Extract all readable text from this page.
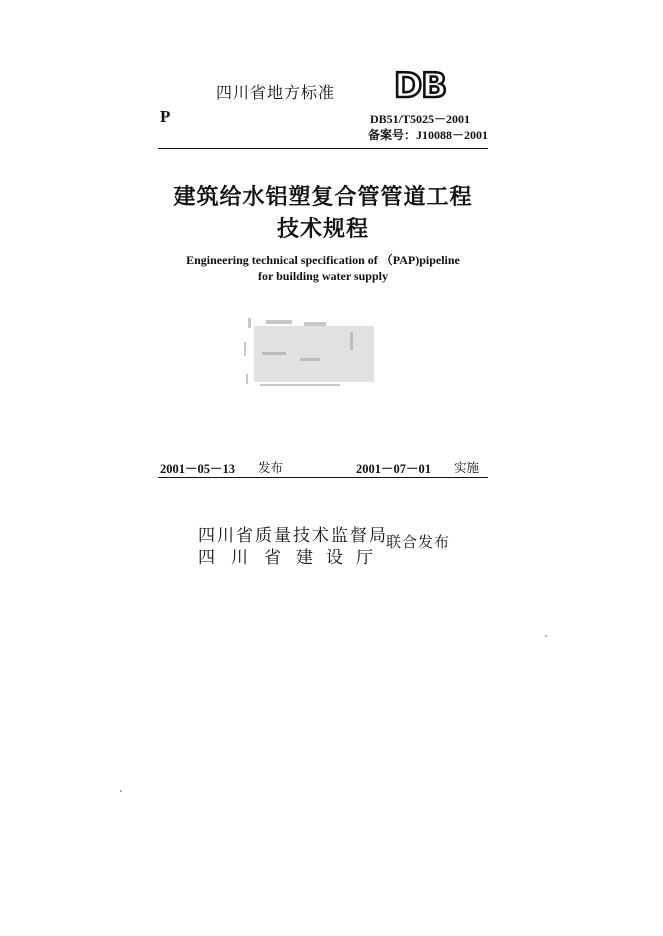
四川省地方标准 DB
P	DB51/T5025－2001
备案号：J10088－2001
建筑给水铝塑复合管管道工程
技术规程
Engineering technical specification of （PAP)pipeline
for building water supply
2001－05－13 发布	2001－07－01 实施
四川省质量技术监督局
四 川 省 建 设 厅
联合发布
